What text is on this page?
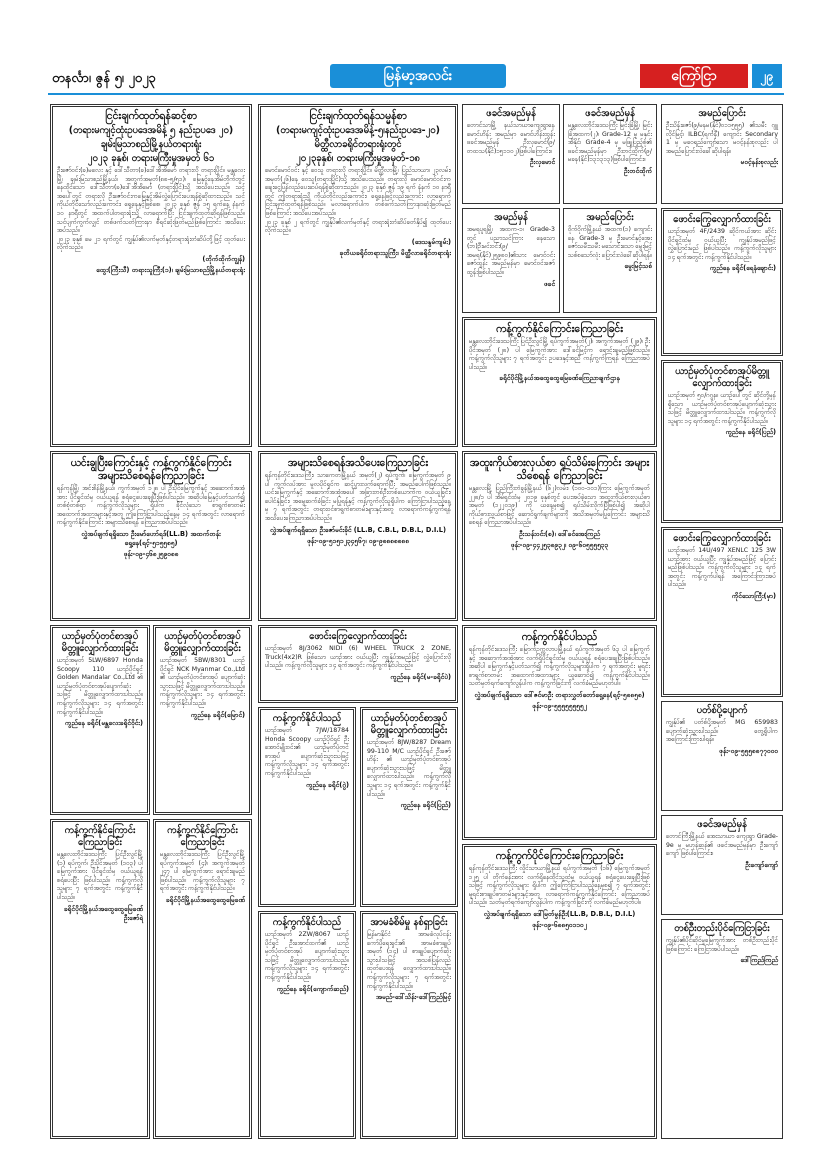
တနင်္လာ၊ ဇွန် ၅၊ ၂၀၂၃	မြန်မာ့အလင်း	ကြော်ငြာ	၂၉
ငြင်းချက်ထုတ်ရန်ဆင့်စာ
(တရားမကျင့်ထုံးဥပဒေအမိန့် ၅ နည်းဥပဒေ ၂၀)
ချမ်းမြသာစည်မြို့နယ်တရားရုံး
၂၀၂၃ ခုနှစ်၊ တရားမကြီးမှုအမှတ် ၆၁

ဦးဇော်ဝင်း(ခ)မလေး နှင့် ဒေါ်သီတာ(ခ)ဒေါ်အိအိမော် တရားလို တရားပြိုင်။ မန္တလေးမြို့၊ ချမ်းမြသာစည်မြို့နယ်၊ အတွက်အမှတ်(၈၈-၅/၅၁)၊ မြေနှင့်နေအိမ်တိုက်တွင်နေထိုင်သော ဒေါ်သီတာ(ခ)ဒေါ်အိအိမော် (တရားပြိုင်)သို့ အသိပေးသည်။ သင့်အပေါ်တွင် တရားလို ဦးဇော်ဝင်းကမြေနှင့်အိမ်လွှဲပြောင်းပေးရန်စွဲဆိုထားသည်။ သင်ကိုယ်တိုင်သော်လည်းကောင်း၊ ရှေ့နေနှင့်ဖြစ်စေ၊ ၂၀၂၃ ခုနှစ် ဇွန် ၁၅ ရက်နေ့ နံနက် ၁၀ နာရီတွင် အထက်ပါတရားရုံးသို့ လာရောက်ပြီး ငြင်းချက်ထုတ်ဆိုရန်ဖြစ်သည်။ သင်ပျက်ကွက်လျှင် တစ်ဖက်သတ်ကြားနာ စီရင်ဆုံးဖြတ်မည်ဖြစ်ကြောင်း အသိပေးအပ်သည်။

၂၀၂၃ ခုနှစ် မေ ၂၁ ရက်တွင် ကျွန်ုပ်၏လက်မှတ်နှင့်တရားရုံးတံဆိပ်တို့ဖြင့် ထုတ်ပေးလိုက်သည်။

(တိုက်ထိုက်ကျွန်)
ထွေး(ကြီးသီ) တရားသူကြီး(၁)၊ ချမ်းမြသာစည်မြို့နယ်တရားရုံး
ငြင်းချက်ထုတ်ရန်သမ္မန်စာ
(တရားမကျင့်ထုံးဥပဒေအမိန့်-၅၊နည်းဥပဒေ-၂၀)
မိတ္ထီလာခရိုင်တရားရုံးတွင်
၂၀၂၃ခုနှစ်၊ တရားမကြီးမှုအမှတ်-၁၈

မောင်မောင်ဝင်း နှင့် ဝေသူ တရားလို တရားပြိုင်။ မိတ္ထီလာမြို့၊ ပြည်သာယာ၊ ၂၃လမ်း၊ အမှတ်(၂၆)နေ ဝေသူ(တရားပြိုင်)သို့ အသိပေးသည်။ တရားလို မောင်မောင်ဝင်းက ချေးငွေပြန်လည်ပေးဆပ်ရန်စွဲဆိုထားသည်။ ၂၀၂၃ ခုနှစ် ဇွန် ၁၉ ရက် နံနက် ၁၀ နာရီတွင် ဤတရားရုံးသို့ ကိုယ်တိုင်လည်းကောင်း၊ ရှေ့နေဖြင့်လည်းကောင်း လာရောက်ငြင်းချက်ထုတ်ရန်ဖြစ်သည်။ မလာရောက်ပါက တစ်ဖက်သတ်ကြားနာဆုံးဖြတ်မည်ဖြစ်ကြောင်း အသိပေးအပ်သည်။

၂၀၂၃ ခုနှစ် ၂ ရက်တွင် ကျွန်ုပ်၏လက်မှတ်နှင့် တရားရုံးတံဆိပ်ခတ်နှိပ်၍ ထုတ်ပေးလိုက်သည်။

(ဒေသနွမ်ကျမ်း)
ခုတိယခရိုင်တရားသူကြီး၊ မိတ္ထီလာခရိုင်တရားရုံး
ဖခင်အမည်မှန်

တောင်သာမြို့ နယ်သာယာကျေးရွာနေ မောင်ဟိန်း အမည်မှာ မောင်ဟိန်းထွန်း ဖခင်အမည်မှန် ဦးလှမောင်(၉/တထသ(နိုင်)၁၅၁၁၀၂)ဖြစ်ပါကြောင်း။

ဦးလှမောင်
ဖခင်အမည်မှန်

မန္တလေးတိုင်းဒေသကြီး မြင်းခြံမြို့၊ မြင်းခြံအထက(၂)၊ Grade-12 မှ မနှင်းအိနိုင်၊ Grade-4 မှ မဖြူပြည့်စုံ၏ ဖခင်အမည်မှန်မှာ ဦးတင်ထိုက်(၉/မခန(နိုင်)၁၃၁၃၁၃)ဖြစ်ပါကြောင်း။

ဦးတင်ထိုက်
အမည်ပြောင်း

ဦးသိန်းဇော်(၉/မနမ(နိုင်)၀၁၁၅၅၅) ၏သမီး ဂျူလိုင်မြင့်၊ ILBC(ရင်္ကနီ) ကျောင်း Secondary 1 မှ မဝေရည်ကျော်သော မဝင့်နန်းစုလည်း ပါ အမည်ပြောင်းလဲခေါ်ဆိုပါရန်။

မဝင့်နန်းစုလည်း
အမည်မှန်

အမရပူရမြို့၊ အထက-၁၊ Grade-3 တွင် ပညာသင်ကြား နေသော (ဘ)ဦးမင်းဝင်း(၉/အမရ(နိုင်)၂၅၉၈၀)၏သား မောင်ဝင်းဇော်ထွန်း အမည်မှန်မှာ မောင်ဝင်းဇော်ထွန်းဖြစ်ပါသည်။

ဖခင်
အမည်ပြောင်း

ဝိုက်ဝိုက်မြို့နယ် အထက(၁) ကျောင်းနေ Grade-3 မှ ဦးမောင်နှင့်အေးဇော်သမီးသမီး မသောင်းသော မွေးမြင့်သစ်စသော်လုံး ပြောင်းလဲခေါ်ဆိုပါရန်။

မွေးမြင့်သစ်
ဖောင်းကြွေလျှောက်ထားခြင်း

ယာဉ်အမှတ် 4F/2439 ဆိုင်ကယ်အား ဆိုင်းပိုင်ရှင်ထံမှ ဝယ်ယူပြီး ကျွန်ုပ်အမည်ဖြင့် လွှဲပြောင်းမည် ဖြစ်ပါသည်။ ကန့်ကွက်လိုသူများ ၁၄ ရက်အတွင်း ကန့်ကွက်နိုင်ပါသည်။

ကွည်နေ ခရိုင်(ရေနံချောင်း)
ကန့်ကွက်နိုင်ကြောင်းကြေညာခြင်း

မန္တလေးတိုင်းဒေသကြီး ပြင်ဦးလွင်မြို့ ရပ်ကွက်အမှတ်(၂)၊ အကွက်အမှတ် (၂၉)၊ ဦးပိုင်အမှတ် (၂၈) ပါ မြေကွက်အား ဒေါ်ခင်မြင့်က ရောင်းချမည်ဖြစ်သည်။ ကန့်ကွက်လိုသူများ ၇ ရက်အတွင်း ဥပဒေနှင့်အညီ ကန့်ကွက်ကြရန် ကြေညာအပ်ပါသည်။

ခရိုင်ပိုင်မြို့နယ်အထွေထွေမြေခဏ်ကြေညာချက်ဌာန
ယာဉ်မှတ်ပုံတင်စာအုပ်မိတ္တူလျှောက်ထားခြင်း

ယာဉ်အမှတ် ၅ဝ/ဂဂွန။ ယာဉ်ပေါ်တွင် ဆိုင်တို့မှန်ရှိသော ယာဉ်မှတ်ပုံတင်စာအုပ်ပျောက်ဆုံးသွားသဖြင့် မိတ္တူလျှောက်ထားပါသည်။ ကန့်ကွက်လိုသူများ ၁၄ ရက်အတွင်း ကန့်ကွက်နိုင်ပါသည်။

ကွည်နေ ခရိုင်(ပြည်)
ဖောင်းကြွေလျှောက်ထားခြင်း

ယာဉ်အမှတ် 14U/497 XENLC 125 3W ယာဉ်အား ဝယ်ယူပြီး ကျွန်ုပ်အမည်ဖြင့် ပြောင်းမည်ဖြစ်ပါသည်။ ကန့်ကွက်လိုသူများ ၁၄ ရက်အတွင်း ကန့်ကွက်ပါရန် အကြောင်းကြားအပ်ပါသည်။

ကိုင်သောကြီး(မှာ)
ပတ်စ်ပို့ပျောက်

ကျွန်ုပ်၏ ပတ်စ်ပို့အမှတ် MG 659983 ပျောက်ဆုံးသွားပါသည်။ တွေ့ရှိပါက အကြောင်းကြားပါရန်။

ဖုန်း-၀၉-၅၅၅၈၈၇၇၀၀၀
ဖခင်အမည်မှန်

တောင်ကြီးမြို့နယ် အေးသာယာ ကျေးရွာ Grade-9e မှ မဟုန်ဆန်၏ ဖခင်အမည်မှန်မှာ ဦးကျော်ကျော် ဖြစ်ပါကြောင်း။

ဦးကျော်ကျော်
တစ်ဦးတည်းပိုင်ကြေငြာခြင်း

ကျွန်ုပ်၏ပိုင်ဆိုင်မှုမြေကွက်အား တစ်ဦးတည်းပိုင်ဖြစ်ကြောင်း ကြေငြာအပ်ပါသည်။

ဒေါ်ကြည်ကြည်
ယင်းချွပြီးကြောင်းနှင့် ကန့်ကွက်နိုင်ကြောင်း အများသိစေရန်ကြေညာခြင်း

ရန်ကုန်မြို့၊ အင်းစိန်မြို့နယ်၊ ကွက်အမှတ် ၁၂၈ ပါ ဦးပိုင်မြေကွက်နှင့် အဆောက်အအုံအား ပိုင်ရှင်ထံမှ ဝယ်ယူရန် စရံငွေပေးချေပြီးဖြစ်ပါသည်။ အဆိုပါမြေနှင့်ပတ်သက်၍ တစ်စုံတစ်ရာ ကန့်ကွက်လိုသူများ ရှိပါက ခိုင်လုံသော စာရွက်စာတမ်း အထောက်အထားများနှင့်အတူ ဤကြော်ငြာပါသည့်နေ့မှ ၁၄ ရက်အတွင်း လာရောက် ကန့်ကွက်နိုင်ကြောင်း အများသိစေရန် ကြေညာအပ်ပါသည်။

လွှဲအပ်ချက်ရရှိသော ဦးမော်ဟော်ရဒ်(LL.B) အထက်တန်းရှေ့နေ(ရင့်-၅၁၅၅၈၅)
ဖုန်း-၀၉-၄၆၈၂၅၉၀၈၈
အများသိစေရန်အသိပေးကြေညာခြင်း

ရန်ကုန်တိုင်းဒေသကြီး၊ သာကေတမြို့နယ် အမှတ်(၂) ရပ်ကွက်၊ မြေကွက်အမှတ် ၉ ပါ ကွက်လပ်အား မူလပိုင်ရှင်က ဆင့်ပွားလက်ရောက်ပြီး အမည်ပေါက်ဖြစ်သည်။ ယင်းမြေကွက်နှင့် အဆောက်အအုံအပေါ် အခြားတစ်ဦးတစ်ယောက်က ဝယ်ယူခြင်း၊ ပေါင်နှံခြင်း၊ အမွေဆက်ခံခြင်း မပြုရန်နှင့် ကန့်ကွက်လိုသူရှိပါက ကြော်ငြာပါသည့်နေ့မှ ၇ ရက်အတွင်း တရားဝင်စာရွက်စာတမ်းများနှင့်အတူ လာရောက်ကန့်ကွက်ရန် အသိပေးကြေညာအပ်ပါသည်။

လွှဲအပ်ချက်ရရှိသော ဦးဇော်မင်းခိုင် (LL.B, C.B.L, D.B.L, D.I.L)
ဖုန်း-၀၉-၅၁၅၁၂၃၄၅၆၇၊ ၀၉-၉၈၈၈၈၈၈၈
အထူးကိုယ်စားလှယ်စာ ရုပ်သိမ်းကြောင်း အများသိစေရန် ကြေညာခြင်း

မန္တလေးမြို့ ပြည်ကြီးတံခွန်မြို့နယ် (၆၂)လမ်း၊ (၁၀၀-၁၀၁)ကြား မြေကွက်အမှတ် ၂၂၈/၁ ပါ အိမ်ရှင်ထံမှ ၂၀၁၉ ခုနှစ်တွင် ပေးအပ်ခဲ့သော အထူးကိုယ်စားလှယ်စာ အမှတ် (၁၂၂၀၁၉) ကို ယနေ့မှစ၍ ရုပ်သိမ်းလိုက်ပြီဖြစ်ပါ၍ အဆိုပါ ကိုယ်စားလှယ်စာဖြင့် ဆောင်ရွက်ချက်များကို အသိအမှတ်မပြုကြောင်း အများသိစေရန် ကြေညာအပ်ပါသည်။

ဦးသန်းဝင်း(စ)၊ ဒေါ်ခင်အေးကြည်
ဖုန်း-၀၉-၄၄၂၅၃၈၉၃၂၊ ၀၉-၆၀၅၅၅၅၃၃
ယာဉ်မှတ်ပုံတင်စာအုပ် မိတ္တူလျှောက်ထားခြင်း

ယာဉ်အမှတ် 5LW/6897 Honda Scoopy 110 ယာဉ်ပိုင်ရှင် Golden Mandalar Co.,Ltd ၏ ယာဉ်မှတ်ပုံတင်စာအုပ်ပျောက်ဆုံးသဖြင့် မိတ္တူလျှောက်ထားပါသည်။ ကန့်ကွက်လိုသူများ ၁၄ ရက်အတွင်း ကန့်ကွက်နိုင်ပါသည်။

ကွည်နေ ခရိုင်(မန္တလေးခရိုင်ဝိုင်း)
ယာဉ်မှတ်ပုံတင်စာအုပ် မိတ္တူလျှောက်ထားခြင်း

ယာဉ်အမှတ် 5BW/8301 ယာဉ်ပိုင်ရှင် NCK Myanmar Co.,Ltd ၏ ယာဉ်မှတ်ပုံတင်စာအုပ် ပျောက်ဆုံးသွားသဖြင့် မိတ္တူလျှောက်ထားပါသည်။ ကန့်ကွက်လိုသူများ ၁၄ ရက်အတွင်း ကန့်ကွက်နိုင်ပါသည်။

ကွည်နေ ခရိုင်(မြောင်)
ဖောင်းကြွေလျှောက်ထားခြင်း

ယာဉ်အမှတ် 8J/3062 NIDI (6) WHEEL TRUCK 2 ZONE, Truck(4x2)R ဖြစ်သော ယာဉ်အား ဝယ်ယူပြီး ကျွန်ုပ်အမည်ဖြင့် လွှဲပြောင်းလိုပါသည်။ ကန့်ကွက်လိုသူများ ၁၄ ရက်အတွင်း ကန့်ကွက်နိုင်ပါသည်။

ကွည်နေ ခရိုင်(မ-ခရိုင်ပဲ)
ကန့်ကွက်နိုင်ပါသည်

ရန်ကုန်တိုင်းဒေသကြီး မြောက်ဥက္ကလာပမြို့နယ် ရပ်ကွက်အမှတ် ၆၃ ပါ မြေကွက်နှင့် အဆောက်အအုံအား လက်ရှိပိုင်ရှင်ထံမှ ဝယ်ယူရန် စရံပေးချေပြီးဖြစ်ပါသည်။ အဆိုပါ မြေကွက်နှင့်ပတ်သက်၍ ကန့်ကွက်လိုသူများရှိပါက ၇ ရက်အတွင်း မူရင်းစာရွက်စာတမ်း အထောက်အထားများ ယူဆောင်၍ ကန့်ကွက်နိုင်ပါသည်။ သတ်မှတ်ရက်ကျော်လွန်ပါက ကန့်ကွက်ခြင်းကို လက်ခံမည်မဟုတ်ပါ။

လွှဲအပ်ချက်ရရှိသော ဒေါ်ဇင်မာဦး တရားလွှတ်တော်ရှေ့နေ(ရင့်-၅၈၈၅၈)
ဖုန်း-၀၉-၅၅၅၅၅၅၅၅၂
ကန့်ကွက်နိုင်ပါသည်

ယာဉ်အမှတ် 7JW/18784 Honda Scoopy ယာဉ်ပိုင်ရှင် ဦးအောင်မျိုးဝင်း၏ ယာဉ်မှတ်ပုံတင်စာအုပ် ပျောက်ဆုံးသွားသဖြင့် ကန့်ကွက်လိုသူများ ၁၄ ရက်အတွင်း ကန့်ကွက်နိုင်ပါသည်။

ကွည်နေ ခရိုင်(ဂွဲ)
ယာဉ်မှတ်ပုံတင်စာအုပ် မိတ္တူလျှောက်ထားခြင်း

ယာဉ်အမှတ် 8JW/8287 Dream 99-110 M/C ယာဉ်ပိုင်ရှင် ဦးဇော်ဟိန်း ၏ ယာဉ်မှတ်ပုံတင်စာအုပ် ပျောက်ဆုံးသွားသဖြင့် မိတ္တူလျှောက်ထားပါသည်။ ကန့်ကွက်လိုသူများ ၁၄ ရက်အတွင်း ကန့်ကွက်နိုင်ပါသည်။

ကွည်နေ ခရိုင်(ပြည်)
ကန့်ကွက်နိုင်ကြောင်းကြေညာခြင်း

မန္တလေးတိုင်းဒေသကြီး ပြင်ဦးလွင်မြို့ (၁) ရပ်ကွက်၊ ဦးပိုင်အမှတ် (၁၀၃) ပါ မြေကွက်အား ပိုင်ရှင်ထံမှ ဝယ်ယူရန် စရံပေးပြီး ဖြစ်ပါသည်။ ကန့်ကွက်လိုသူများ ၇ ရက်အတွင်း ကန့်ကွက်နိုင်ပါသည်။

ခရိုင်ပိုင်မြို့နယ်အထွေထွေမြေခဏ် ဦးဇော်ရဲ
ကန့်ကွက်နိုင်ကြောင်းကြေညာခြင်း

မန္တလေးတိုင်းဒေသကြီး ပြင်ဦးလွင်မြို့ ရပ်ကွက်အမှတ် (၄)၊ အကွက်အမှတ် ၂၄၇ ပါ မြေကွက်အား ရောင်းချမည်ဖြစ်ပါသည်။ ကန့်ကွက်လိုသူများ ၇ ရက်အတွင်း ကန့်ကွက်နိုင်ပါသည်။

ခရိုင်ပိုင်မြို့နယ်အထွေထွေမြေခဏ်
ကန့်ကွက်နိုင်ပါသည်

ယာဉ်အမှတ် 2ZW/8067 ယာဉ်ပိုင်ရှင် ဦးအောင်ထက်၏ ယာဉ်မှတ်ပုံတင်စာအုပ် ပျောက်ဆုံးသွားသဖြင့် မိတ္တူလျှောက်ထားပါသည်။ ကန့်ကွက်လိုသူများ ၁၄ ရက်အတွင်း ကန့်ကွက်နိုင်ပါသည်။

ကွည်နေ ခရိုင်(ကျောက်ဆည်)
အာမခံစိမ်မှု နစ်ရှာခြင်း

မြန်မာနိုင်ငံ အာမခံလုပ်ငန်း ကော်ပိုရေးရှင်း၏ အာမခံစာချုပ်အမှတ် (၁၄) ပါ စာချုပ်ပျောက်ဆုံးသွားပါသဖြင့် အသစ်ပြန်လည်ထုတ်ပေးရန် လျှောက်ထားပါသည်။ ကန့်ကွက်လိုသူများ ၇ ရက်အတွင်း ကန့်ကွက်နိုင်ပါသည်။

အမည်-ဒေါ်သိန်း-ဒေါ်ကြည်မြင့်
ကန့်ကွက်ပိုင်ကြောင်းကြေညာခြင်း

ရန်ကုန်တိုင်းဒေသကြီး လှိုင်သာယာမြို့နယ် ရပ်ကွက်အမှတ် (၁၆) မြေကွက်အမှတ် ၁၂၅ ပါ တိုက်ခန်းအား လက်ရှိနေထိုင်သူထံမှ ဝယ်ယူရန် စရံငွေပေးချေပြီးဖြစ်သဖြင့် ကန့်ကွက်လိုသူများ ရှိပါက ဤကြော်ငြာပါသည့်နေ့မှစ၍ ၇ ရက်အတွင်း မူရင်းစာချုပ်စာတမ်းများနှင့်အတူ လာရောက်ကန့်ကွက်နိုင်ကြောင်း ကြေညာအပ်ပါသည်။ သတ်မှတ်ရက်ကျော်လွန်ပါက ကန့်ကွက်ခြင်းကို လက်ခံမည်မဟုတ်ပါ။

လွှဲအပ်ချက်ရရှိသော ဒေါ်မြတ်မွန်ဦး(LL.B, D.B.L, D.I.L)
ဖုန်း-၀၉-၆၈၈၅၀၁၁၀၂
